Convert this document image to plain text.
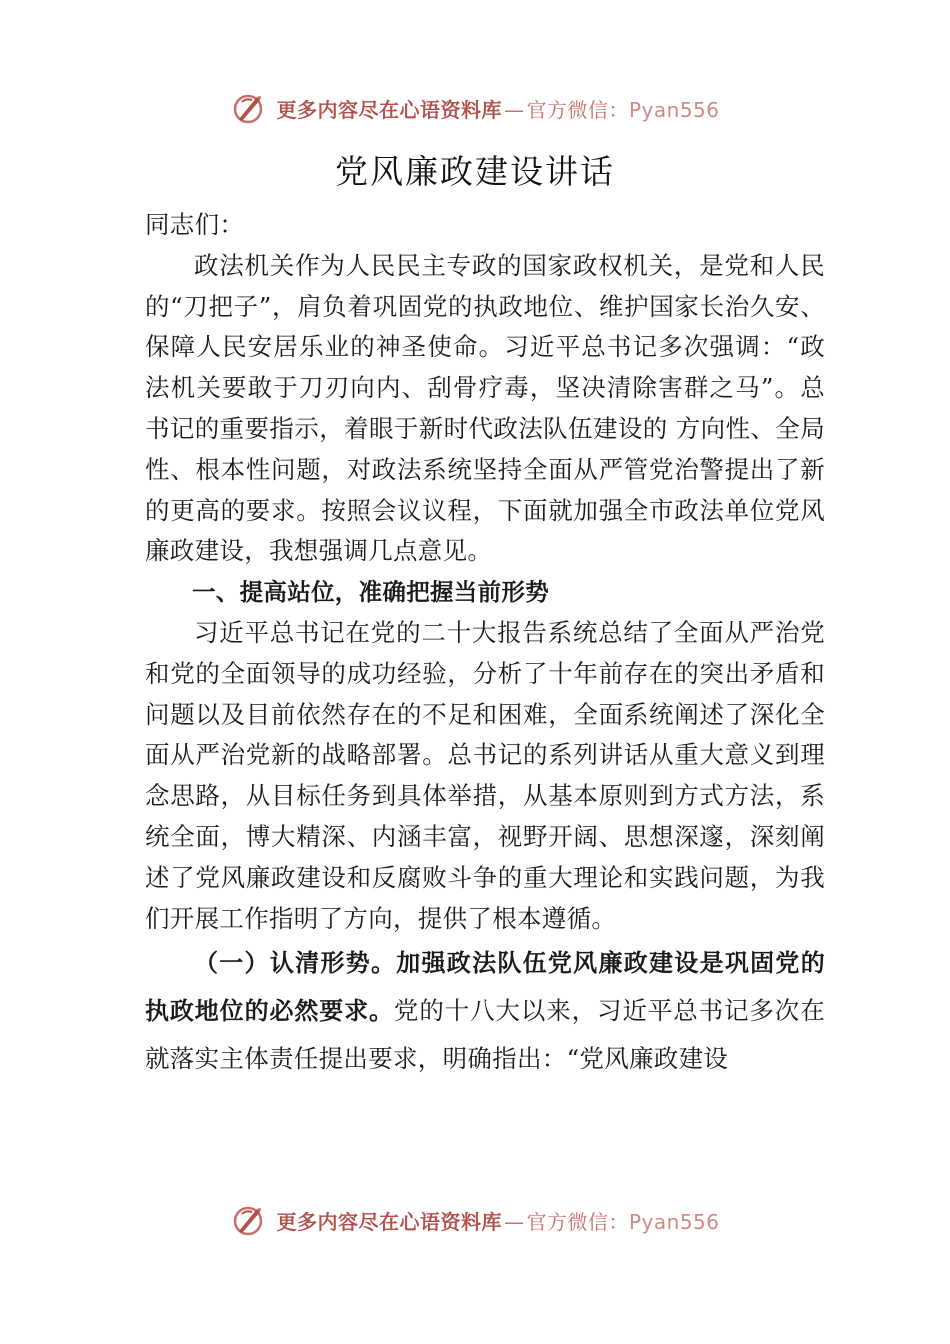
更多内容尽在心语资料库 — 官方微信：Pyan556
党风廉政建设讲话

同志们：

政法机关作为人民民主专政的国家政权机关，是党和人民的“刀把子”，肩负着巩固党的执政地位、维护国家长治久安、保障人民安居乐业的神圣使命。习近平总书记多次强调：“政法机关要敢于刀刃向内、刮骨疗毒，坚决清除害群之马”。总书记的重要指示，着眼于新时代政法队伍建设的 方向性、全局性、根本性问题，对政法系统坚持全面从严管党治警提出了新的更高的要求。按照会议议程，下面就加强全市政法单位党风廉政建设，我想强调几点意见。

一、提高站位，准确把握当前形势

习近平总书记在党的二十大报告系统总结了全面从严治党和党的全面领导的成功经验，分析了十年前存在的突出矛盾和问题以及目前依然存在的不足和困难，全面系统阐述了深化全面从严治党新的战略部署。总书记的系列讲话从重大意义到理念思路，从目标任务到具体举措，从基本原则到方式方法，系统全面，博大精深、内涵丰富，视野开阔、思想深邃，深刻阐述了党风廉政建设和反腐败斗争的重大理论和实践问题，为我们开展工作指明了方向，提供了根本遵循。

（一）认清形势。加强政法队伍党风廉政建设是巩固党的执政地位的必然要求。党的十八大以来，习近平总书记多次在就落实主体责任提出要求，明确指出：“党风廉政建设

更多内容尽在心语资料库 — 官方微信：Pyan556
